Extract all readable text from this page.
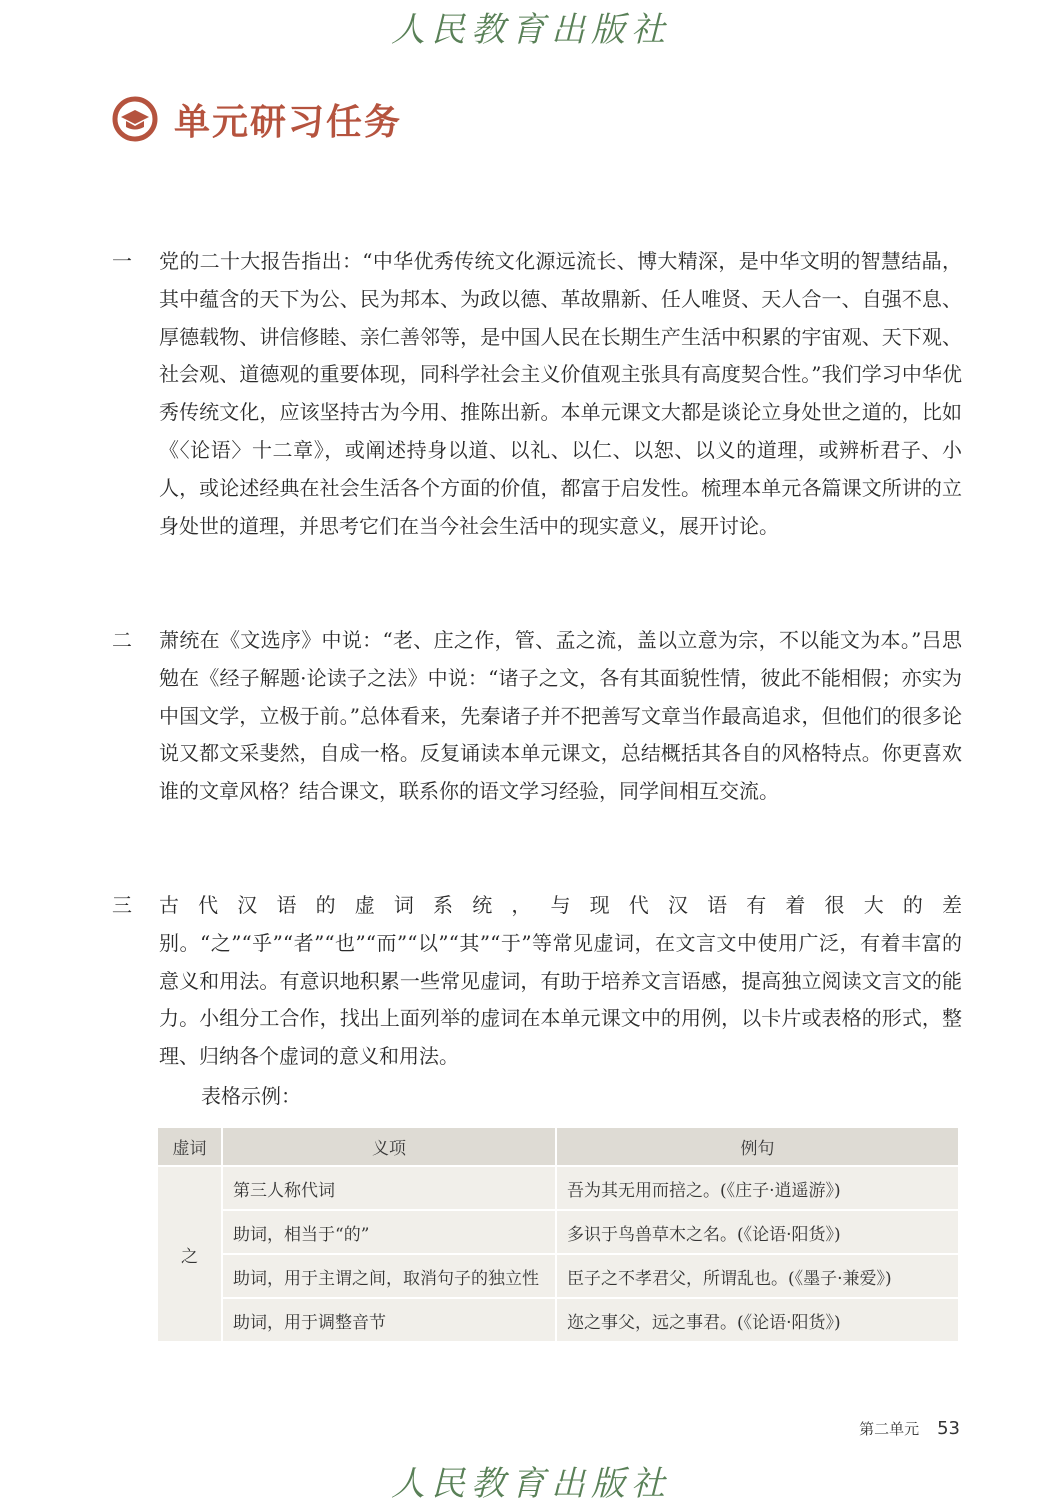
人民教育出版社
单元研习任务
一	党的二十大报告指出：“中华优秀传统文化源远流长、博大精深，是中华文明的智慧结晶，其中蕴含的天下为公、民为邦本、为政以德、革故鼎新、任人唯贤、天人合一、自强不息、厚德载物、讲信修睦、亲仁善邻等，是中国人民在长期生产生活中积累的宇宙观、天下观、社会观、道德观的重要体现，同科学社会主义价值观主张具有高度契合性。”我们学习中华优秀传统文化，应该坚持古为今用、推陈出新。本单元课文大都是谈论立身处世之道的，比如《〈论语〉十二章》，或阐述持身以道、以礼、以仁、以恕、以义的道理，或辨析君子、小人，或论述经典在社会生活各个方面的价值，都富于启发性。梳理本单元各篇课文所讲的立身处世的道理，并思考它们在当今社会生活中的现实意义，展开讨论。

二	萧统在《文选序》中说：“老、庄之作，管、孟之流，盖以立意为宗，不以能文为本。”吕思勉在《经子解题·论读子之法》中说：“诸子之文，各有其面貌性情，彼此不能相假；亦实为中国文学，立极于前。”总体看来，先秦诸子并不把善写文章当作最高追求，但他们的很多论说又都文采斐然，自成一格。反复诵读本单元课文，总结概括其各自的风格特点。你更喜欢谁的文章风格？结合课文，联系你的语文学习经验，同学间相互交流。

三	古代汉语的虚词系统，与现代汉语有着很大的差别。“之”“乎”“者”“也”“而”“以”“其”“于”等常见虚词，在文言文中使用广泛，有着丰富的意义和用法。有意识地积累一些常见虚词，有助于培养文言语感，提高独立阅读文言文的能力。小组分工合作，找出上面列举的虚词在本单元课文中的用例，以卡片或表格的形式，整理、归纳各个虚词的意义和用法。

表格示例：
虚词	义项	例句
之	第三人称代词	吾为其无用而掊之。(《庄子·逍遥游》)
	助词，相当于“的”	多识于鸟兽草木之名。(《论语·阳货》)
	助词，用于主谓之间，取消句子的独立性	臣子之不孝君父，所谓乱也。(《墨子·兼爱》)
	助词，用于调整音节	迩之事父，远之事君。(《论语·阳货》)
第二单元 53
人民教育出版社
